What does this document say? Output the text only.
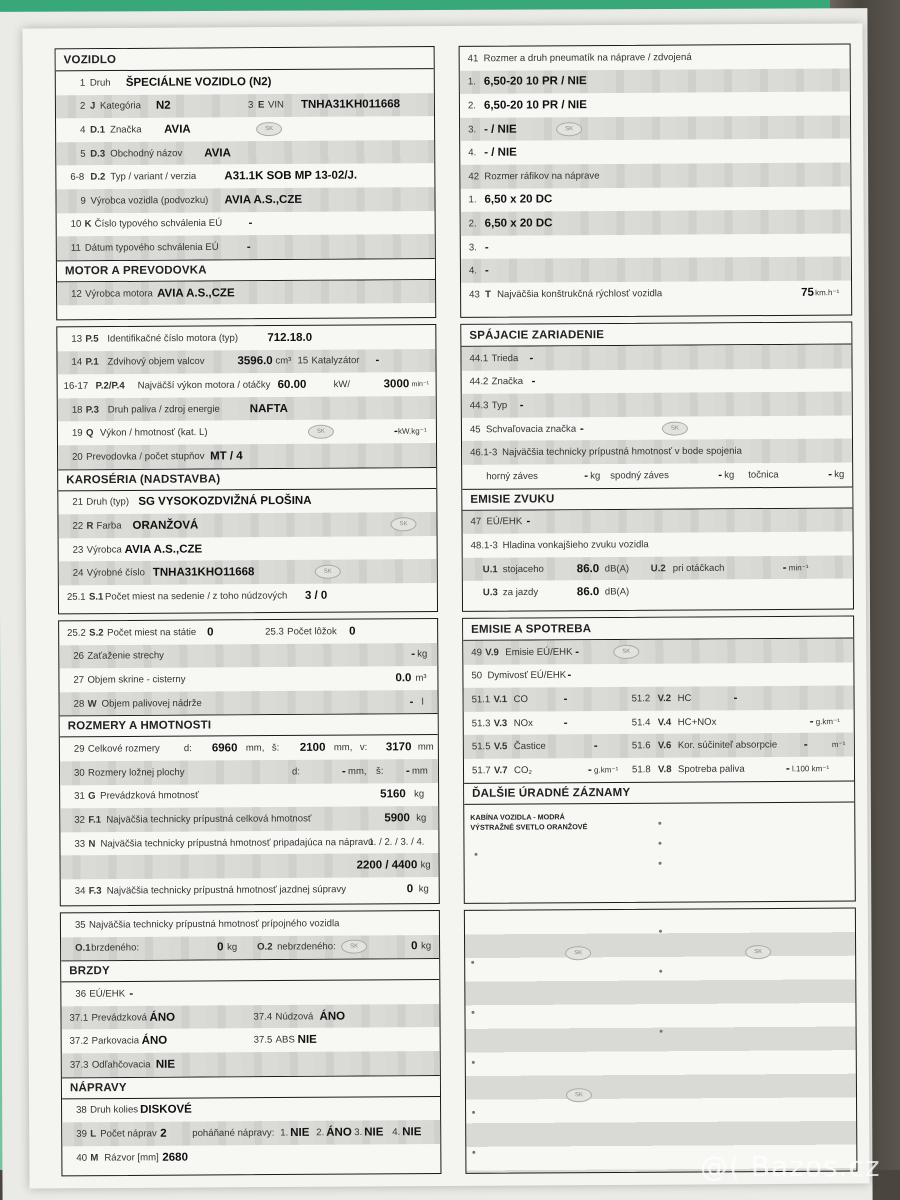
VOZIDLO
1 Druh ŠPECIÁLNE VOZIDLO (N2)
2 J Kategória N2	3 E VIN TNHA31KH011668
4 D.1 Značka AVIA	SK
5 D.3 Obchodný názov AVIA
6-8 D.2 Typ / variant / verzia A31.1K SOB MP 13-02/J.
9 Výrobca vozidla (podvozku) AVIA A.S.,CZE
10 K Číslo typového schválenia EÚ -
11 Dátum typového schválenia EÚ -
MOTOR A PREVODOVKA
12 Výrobca motora AVIA A.S.,CZE
13 P.5 Identifikačné číslo motora (typ)	712.18.0
14 P.1 Zdvihový objem valcov	3596.0 cm³ 15 Katalyzátor -
16-17 P.2/P.4 Najväčší výkon motora / otáčky 60.00	kW/	3000 min⁻¹
18 P.3 Druh paliva / zdroj energie	NAFTA
19 Q Výkon / hmotnosť (kat. L)	SK	- kW.kg⁻¹
20 Prevodovka / počet stupňov MT / 4
KAROSÉRIA (NADSTAVBA)
21 Druh (typ) SG VYSOKOZDVIŽNÁ PLOŠINA
22 R Farba ORANŽOVÁ	SK
23 Výrobca AVIA A.S.,CZE
24 Výrobné číslo TNHA31KHO11668	SK
25.1 S.1 Počet miest na sedenie / z toho núdzových 3 / 0
25.2 S.2 Počet miest na státie 0	25.3 Počet lôžok 0
26 Zaťaženie strechy	- kg
27 Objem skrine - cisterny	0.0 m³
28 W Objem palivovej nádrže	- l
ROZMERY A HMOTNOSTI
29 Celkové rozmery d: 6960 mm, š: 2100 mm, v: 3170 mm
30 Rozmery ložnej plochy	d:	- mm, š: - mm
31 G Prevádzková hmotnosť	5160 kg
32 F.1 Najväčšia technicky prípustná celková hmotnosť	5900 kg
33 N Najväčšia technicky prípustná hmotnosť pripadajúca na nápravu
1. / 2. / 3. / 4.
2200 / 4400 kg
34 F.3 Najväčšia technicky prípustná hmotnosť jazdnej súpravy	0 kg
35 Najväčšia technicky prípustná hmotnosť prípojného vozidla
O.1 brzdeného:	0 kg O.2 nebrzdeného:	SK	0 kg
BRZDY
36 EÚ/EHK -
37.1 Prevádzková ÁNO	37.4 Núdzová ÁNO
37.2 Parkovacia ÁNO	37.5 ABS NIE
37.3 Odľahčovacia NIE
NÁPRAVY
38 Druh kolies DISKOVÉ
39 L Počet náprav 2	poháňané nápravy: 1. NIE 2. ÁNO 3. NIE 4. NIE
40 M Rázvor [mm] 2680
41 Rozmer a druh pneumatík na náprave / zdvojená
1. 6,50-20 10 PR / NIE
2. 6,50-20 10 PR / NIE
3. - / NIE	SK
4. - / NIE
42 Rozmer ráfikov na náprave
1. 6,50 x 20 DC
2. 6,50 x 20 DC
3. -
4. -
43 T Najväčšia konštrukčná rýchlosť vozidla	75 km.h⁻¹
SPÁJACIE ZARIADENIE
44.1 Trieda -
44.2 Značka -
44.3 Typ -
45 Schvaľovacia značka -	SK
46.1-3 Najväčšia technicky prípustná hmotnosť v bode spojenia
horný záves	- kg spodný záves	- kg točnica	- kg
EMISIE ZVUKU
47 EÚ/EHK -
48.1-3 Hladina vonkajšieho zvuku vozidla
U.1 stojaceho	86.0 dB(A) U.2 pri otáčkach	- min⁻¹
U.3 za jazdy	86.0 dB(A)
EMISIE A SPOTREBA
49 V.9 Emisie EÚ/EHK -	SK
50 Dymivosť EÚ/EHK -
51.1 V.1 CO	-	51.2 V.2 HC	-
51.3 V.3 NOx	-	51.4 V.4 HC+NOx	- g.km⁻¹
51.5 V.5 Častice	-	51.6 V.6 Kor. súčiniteľ absorpcie -	m⁻¹
51.7 V.7 CO₂	- g.km⁻¹ 51.8 V.8 Spotreba paliva	- l.100 km⁻¹
ĎALŠIE ÚRADNÉ ZÁZNAMY
KABÍNA VOZIDLA - MODRÁ
VÝSTRAŽNÉ SVETLO ORANŽOVÉ
SK	SK
SK
@( Bazos.cz
